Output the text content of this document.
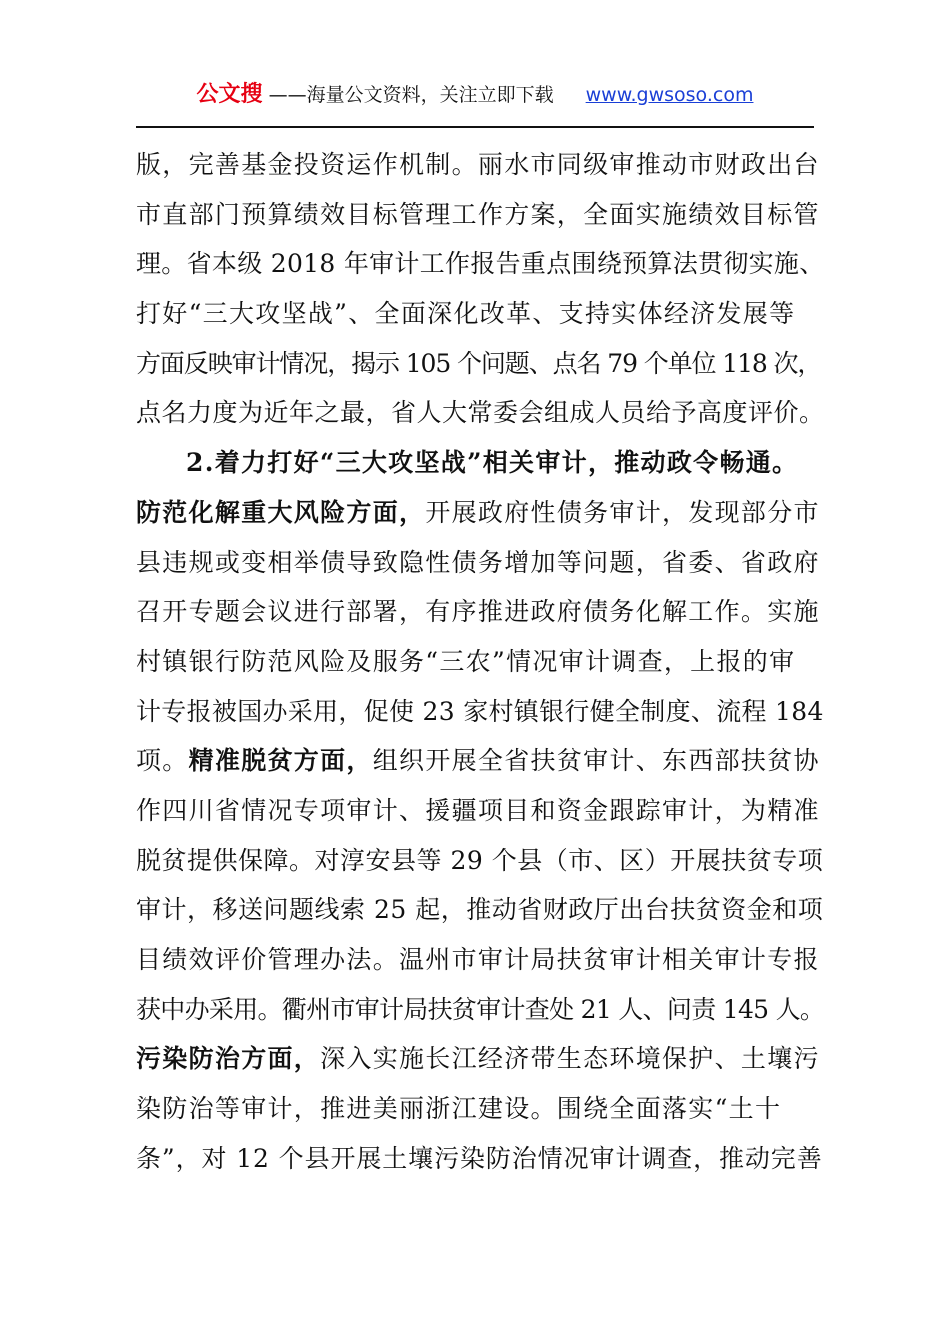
公文搜 ——海量公文资料，关注立即下载 www.gwsoso.com
版，完善基金投资运作机制。丽水市同级审推动市财政出台
市直部门预算绩效目标管理工作方案，全面实施绩效目标管
理。省本级 2018 年审计工作报告重点围绕预算法贯彻实施、
打好“三大攻坚战”、全面深化改革、支持实体经济发展等
方面反映审计情况，揭示 105 个问题、点名 79 个单位 118 次，
点名力度为近年之最，省人大常委会组成人员给予高度评价。
2.着力打好“三大攻坚战”相关审计，推动政令畅通。
防范化解重大风险方面，开展政府性债务审计，发现部分市
县违规或变相举债导致隐性债务增加等问题，省委、省政府
召开专题会议进行部署，有序推进政府债务化解工作。实施
村镇银行防范风险及服务“三农”情况审计调查，上报的审
计专报被国办采用，促使 23 家村镇银行健全制度、流程 184
项。精准脱贫方面，组织开展全省扶贫审计、东西部扶贫协
作四川省情况专项审计、援疆项目和资金跟踪审计，为精准
脱贫提供保障。对淳安县等 29 个县（市、区）开展扶贫专项
审计，移送问题线索 25 起，推动省财政厅出台扶贫资金和项
目绩效评价管理办法。温州市审计局扶贫审计相关审计专报
获中办采用。衢州市审计局扶贫审计查处 21 人、问责 145 人。
污染防治方面，深入实施长江经济带生态环境保护、土壤污
染防治等审计，推进美丽浙江建设。围绕全面落实“土十
条”，对 12 个县开展土壤污染防治情况审计调查，推动完善
